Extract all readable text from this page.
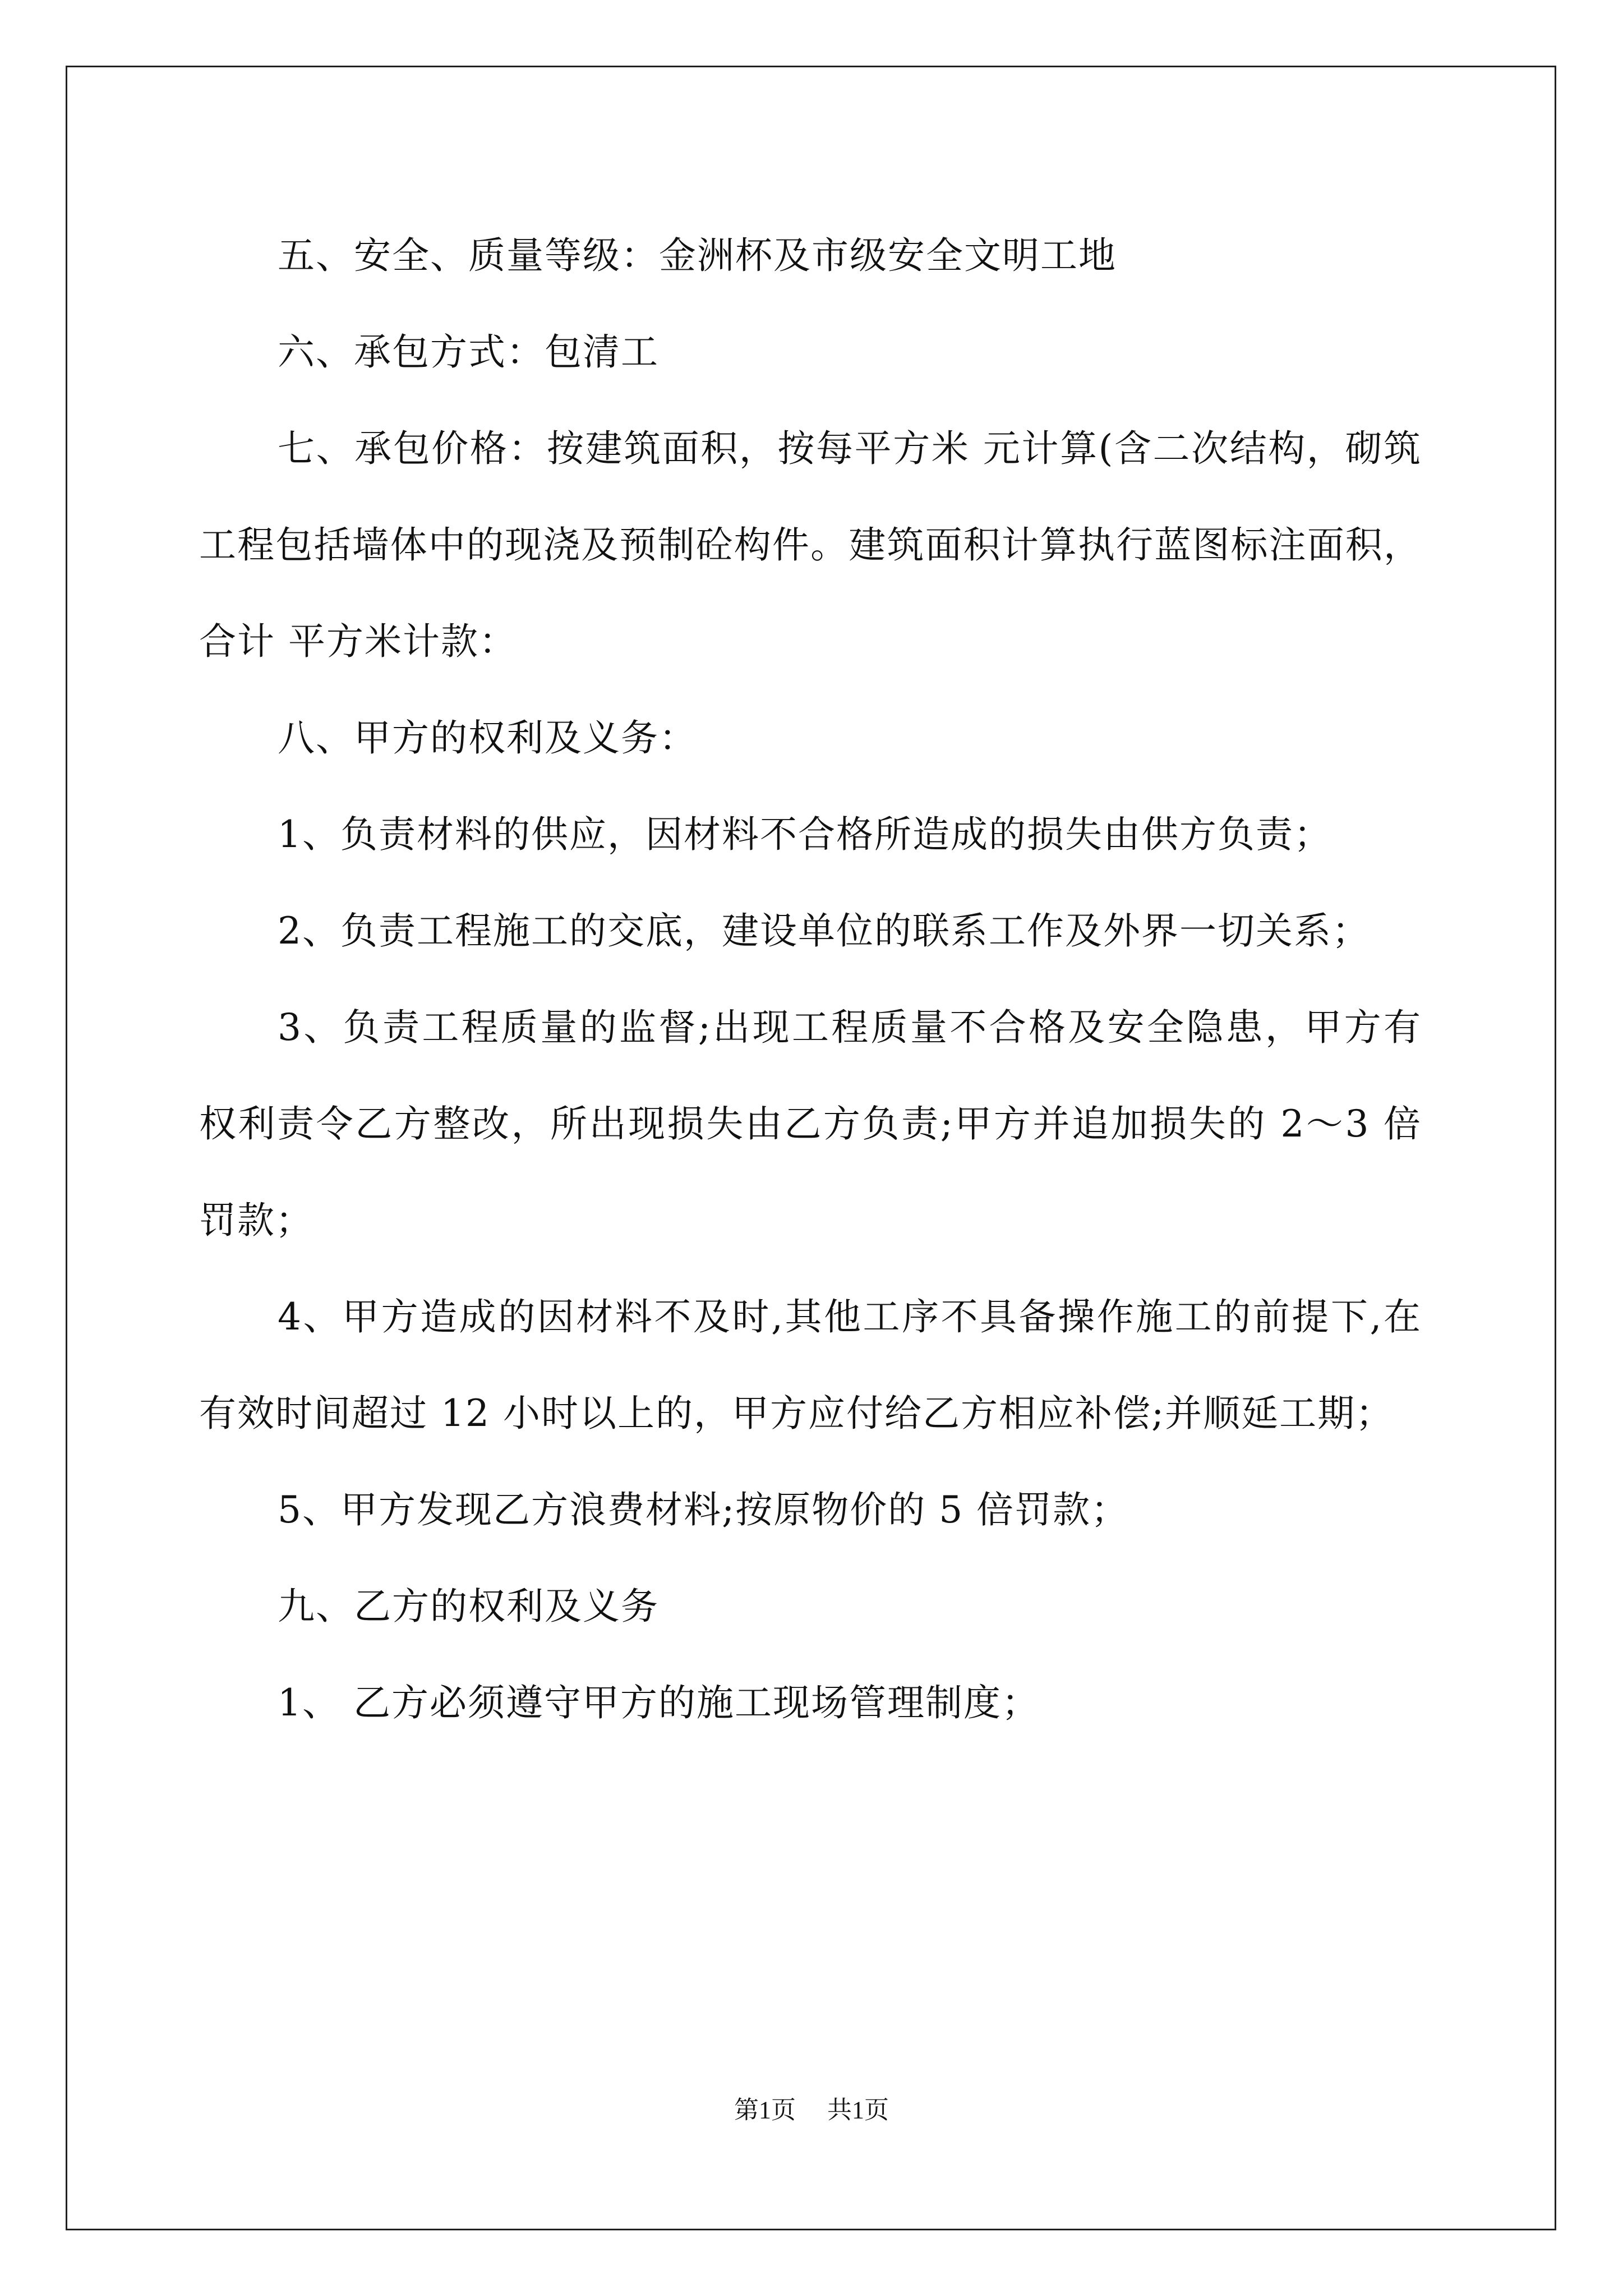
五、安全、质量等级：金洲杯及市级安全文明工地

六、承包方式：包清工

七、承包价格：按建筑面积，按每平方米 元计算(含二次结构，砌筑工程包括墙体中的现浇及预制砼构件。建筑面积计算执行蓝图标注面积，合计 平方米计款：

八、甲方的权利及义务：

1、负责材料的供应，因材料不合格所造成的损失由供方负责；

2、负责工程施工的交底，建设单位的联系工作及外界一切关系；

3、负责工程质量的监督;出现工程质量不合格及安全隐患，甲方有权利责令乙方整改，所出现损失由乙方负责;甲方并追加损失的 2～3 倍罚款；

4、甲方造成的因材料不及时,其他工序不具备操作施工的前提下,在有效时间超过 12 小时以上的，甲方应付给乙方相应补偿;并顺延工期；

5、甲方发现乙方浪费材料;按原物价的 5 倍罚款；

九、乙方的权利及义务

1、 乙方必须遵守甲方的施工现场管理制度；

第1页 共1页
